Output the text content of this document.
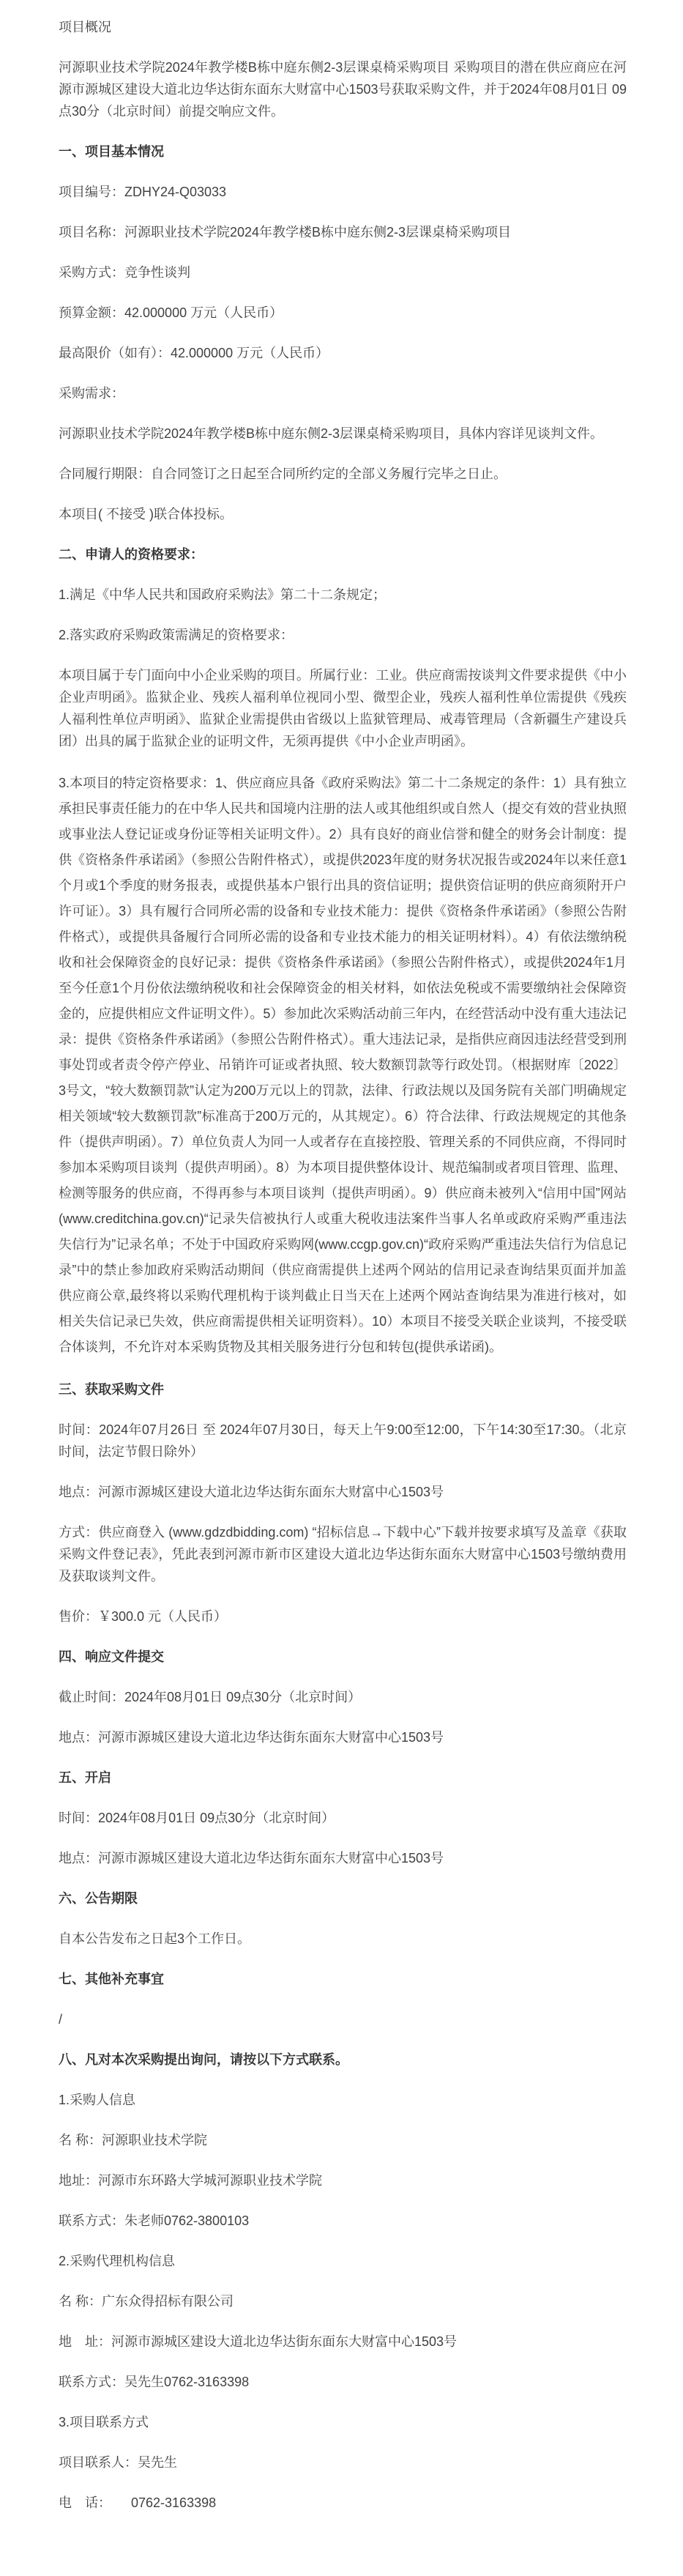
项目概况
河源职业技术学院2024年教学楼B栋中庭东侧2-3层课桌椅采购项目 采购项目的潜在供应商应在河源市源城区建设大道北边华达街东面东大财富中心1503号获取采购文件，并于2024年08月01日 09点30分（北京时间）前提交响应文件。
一、项目基本情况
项目编号：ZDHY24-Q03033
项目名称：河源职业技术学院2024年教学楼B栋中庭东侧2-3层课桌椅采购项目
采购方式：竞争性谈判
预算金额：42.000000 万元（人民币）
最高限价（如有）：42.000000 万元（人民币）
采购需求：
河源职业技术学院2024年教学楼B栋中庭东侧2-3层课桌椅采购项目，具体内容详见谈判文件。
合同履行期限：自合同签订之日起至合同所约定的全部义务履行完毕之日止。
本项目( 不接受 )联合体投标。
二、申请人的资格要求：
1.满足《中华人民共和国政府采购法》第二十二条规定；
2.落实政府采购政策需满足的资格要求：
本项目属于专门面向中小企业采购的项目。所属行业：工业。供应商需按谈判文件要求提供《中小企业声明函》。监狱企业、残疾人福利单位视同小型、微型企业，残疾人福利性单位需提供《残疾人福利性单位声明函》、监狱企业需提供由省级以上监狱管理局、戒毒管理局（含新疆生产建设兵团）出具的属于监狱企业的证明文件，无须再提供《中小企业声明函》。
3.本项目的特定资格要求：1、供应商应具备《政府采购法》第二十二条规定的条件：1）具有独立承担民事责任能力的在中华人民共和国境内注册的法人或其他组织或自然人（提交有效的营业执照或事业法人登记证或身份证等相关证明文件）。2）具有良好的商业信誉和健全的财务会计制度：提供《资格条件承诺函》（参照公告附件格式），或提供2023年度的财务状况报告或2024年以来任意1个月或1个季度的财务报表，或提供基本户银行出具的资信证明；提供资信证明的供应商须附开户许可证）。3）具有履行合同所必需的设备和专业技术能力：提供《资格条件承诺函》（参照公告附件格式），或提供具备履行合同所必需的设备和专业技术能力的相关证明材料）。4）有依法缴纳税收和社会保障资金的良好记录：提供《资格条件承诺函》（参照公告附件格式），或提供2024年1月至今任意1个月份依法缴纳税收和社会保障资金的相关材料，如依法免税或不需要缴纳社会保障资金的，应提供相应文件证明文件）。5）参加此次采购活动前三年内，在经营活动中没有重大违法记录：提供《资格条件承诺函》（参照公告附件格式）。重大违法记录，是指供应商因违法经营受到刑事处罚或者责令停产停业、吊销许可证或者执照、较大数额罚款等行政处罚。（根据财库〔2022〕3号文，“较大数额罚款”认定为200万元以上的罚款，法律、行政法规以及国务院有关部门明确规定相关领域“较大数额罚款”标准高于200万元的，从其规定）。6）符合法律、行政法规规定的其他条件（提供声明函）。7）单位负责人为同一人或者存在直接控股、管理关系的不同供应商，不得同时参加本采购项目谈判（提供声明函）。8）为本项目提供整体设计、规范编制或者项目管理、监理、检测等服务的供应商，不得再参与本项目谈判（提供声明函）。9）供应商未被列入“信用中国”网站(www.creditchina.gov.cn)“记录失信被执行人或重大税收违法案件当事人名单或政府采购严重违法失信行为”记录名单；不处于中国政府采购网(www.ccgp.gov.cn)“政府采购严重违法失信行为信息记录”中的禁止参加政府采购活动期间（供应商需提供上述两个网站的信用记录查询结果页面并加盖供应商公章,最终将以采购代理机构于谈判截止日当天在上述两个网站查询结果为准进行核对，如相关失信记录已失效，供应商需提供相关证明资料）。10）本项目不接受关联企业谈判，不接受联合体谈判，不允许对本采购货物及其相关服务进行分包和转包(提供承诺函)。
三、获取采购文件
时间：2024年07月26日 至 2024年07月30日，每天上午9:00至12:00，下午14:30至17:30。（北京时间，法定节假日除外）
地点：河源市源城区建设大道北边华达街东面东大财富中心1503号
方式：供应商登入 (www.gdzdbidding.com) “招标信息→下载中心”下载并按要求填写及盖章《获取采购文件登记表》，凭此表到河源市新市区建设大道北边华达街东面东大财富中心1503号缴纳费用及获取谈判文件。
售价：￥300.0 元（人民币）
四、响应文件提交
截止时间：2024年08月01日 09点30分（北京时间）
地点：河源市源城区建设大道北边华达街东面东大财富中心1503号
五、开启
时间：2024年08月01日 09点30分（北京时间）
地点：河源市源城区建设大道北边华达街东面东大财富中心1503号
六、公告期限
自本公告发布之日起3个工作日。
七、其他补充事宜
/
八、凡对本次采购提出询问，请按以下方式联系。
1.采购人信息
名 称：河源职业技术学院
地址：河源市东环路大学城河源职业技术学院
联系方式：朱老师0762-3800103
2.采购代理机构信息
名 称：广东众得招标有限公司
地　址：河源市源城区建设大道北边华达街东面东大财富中心1503号
联系方式：吴先生0762-3163398
3.项目联系方式
项目联系人：吴先生
电　话：　　0762-3163398
